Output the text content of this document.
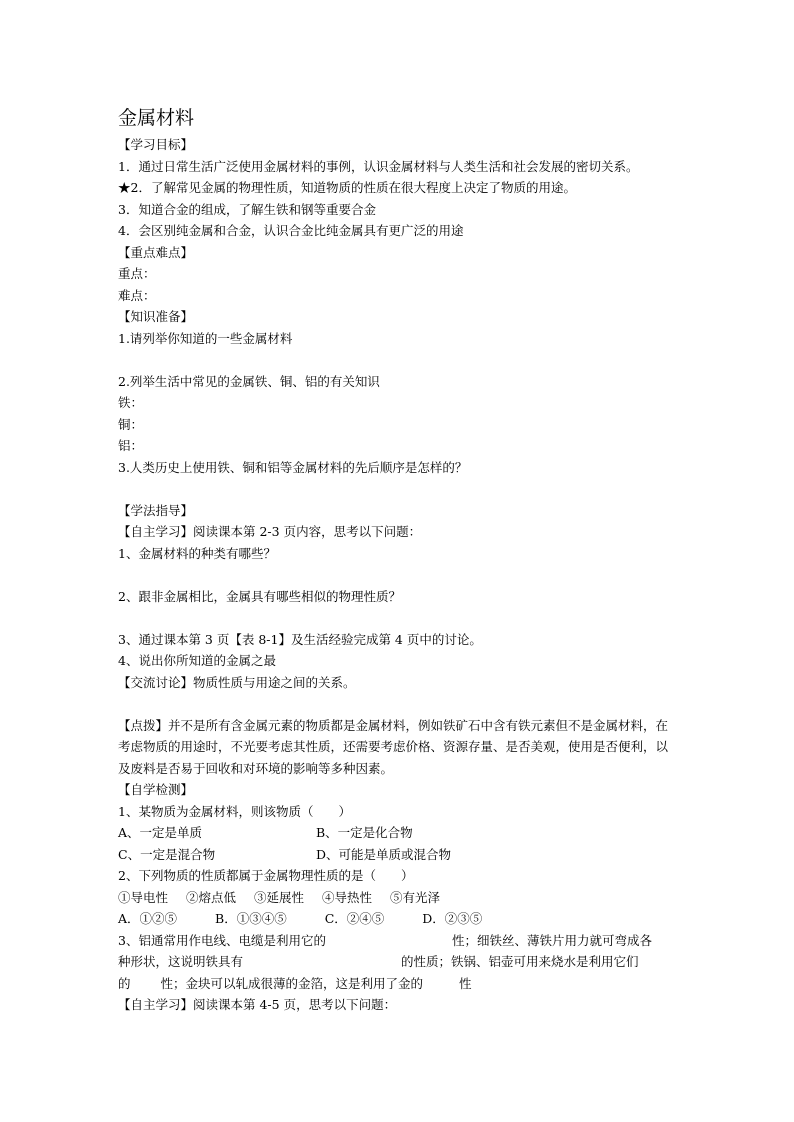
金属材料
【学习目标】
1．通过日常生活广泛使用金属材料的事例，认识金属材料与人类生活和社会发展的密切关系。
★2．了解常见金属的物理性质，知道物质的性质在很大程度上决定了物质的用途。
3．知道合金的组成，了解生铁和钢等重要合金
4．会区别纯金属和合金，认识合金比纯金属具有更广泛的用途
【重点难点】
重点：
难点：
【知识准备】
1.请列举你知道的一些金属材料
2.列举生活中常见的金属铁、铜、铝的有关知识
铁：
铜：
铝：
3.人类历史上使用铁、铜和铝等金属材料的先后顺序是怎样的？
【学法指导】
【自主学习】阅读课本第 2-3 页内容，思考以下问题：
1、金属材料的种类有哪些？
2、跟非金属相比，金属具有哪些相似的物理性质？
3、通过课本第 3 页【表 8-1】及生活经验完成第 4 页中的讨论。
4、说出你所知道的金属之最
【交流讨论】物质性质与用途之间的关系。
【点拨】并不是所有含金属元素的物质都是金属材料，例如铁矿石中含有铁元素但不是金属材料，在考虑物质的用途时，不光要考虑其性质，还需要考虑价格、资源存量、是否美观，使用是否便利，以及废料是否易于回收和对环境的影响等多种因素。
【自学检测】
1、某物质为金属材料，则该物质（　　）
A、一定是单质	B、一定是化合物
C、一定是混合物	D、可能是单质或混合物
2、下列物质的性质都属于金属物理性质的是（　　）
①导电性 ②熔点低 ③延展性 ④导热性 ⑤有光泽
A．①②⑤	B．①③④⑤	C．②④⑤	D．②③⑤
3、铝通常用作电线、电缆是利用它的	性；细铁丝、薄铁片用力就可弯成各
种形状，这说明铁具有	的性质；铁锅、铝壶可用来烧水是利用它们
的 性；金块可以轧成很薄的金箔，这是利用了金的	性
【自主学习】阅读课本第 4-5 页，思考以下问题：
